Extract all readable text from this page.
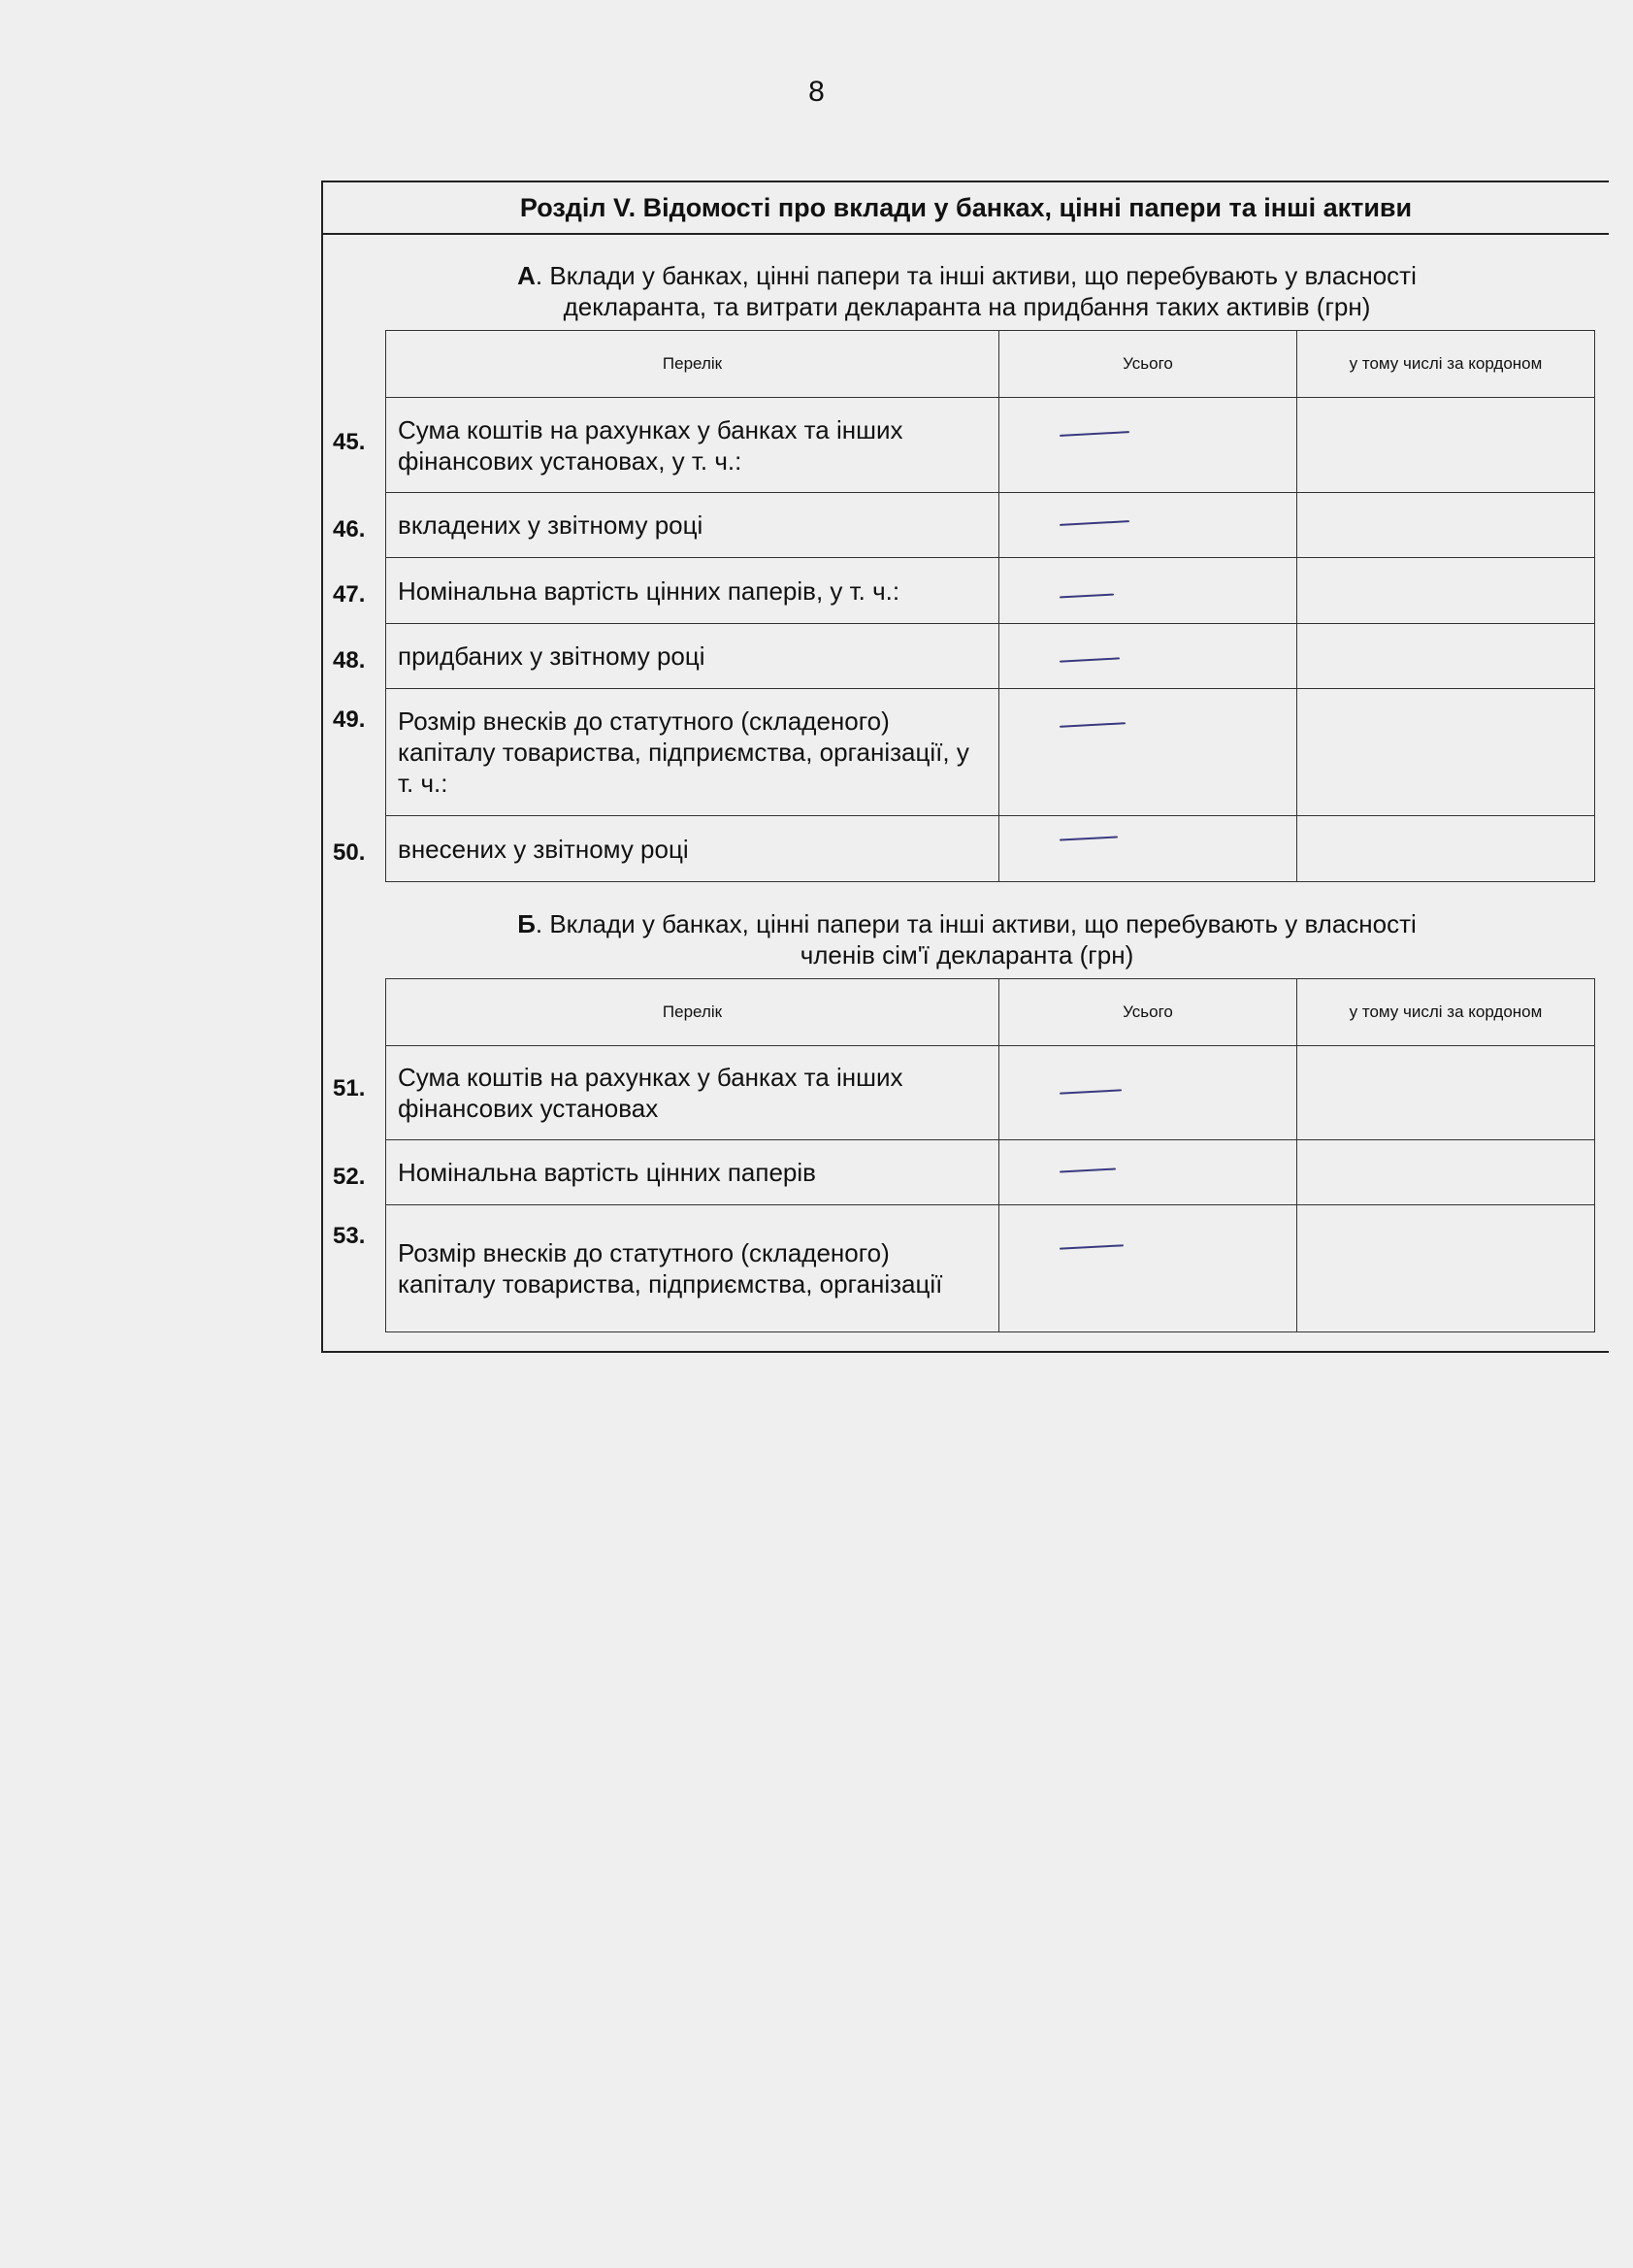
8
Розділ V. Відомості про вклади у банках, цінні папери та інші активи
А. Вклади у банках, цінні папери та інші активи, що перебувають у власності
декларанта, та витрати декларанта на придбання таких активів (грн)
Перелік	Усього	у тому числі за кордоном

45. Сума коштів на рахунках у банках та інших фінансових установах, у т. ч.:	

46. вкладених у звітному році	

47. Номінальна вартість цінних паперів, у т. ч.:	

48. придбаних у звітному році	

49. Розмір внесків до статутного (складеного) капіталу товариства, підприємства, організації, у т. ч.:	

50. внесених у звітному році	

Б. Вклади у банках, цінні папери та інші активи, що перебувають у власності
членів сім'ї декларанта (грн)
Перелік	Усього	у тому числі за кордоном

51. Сума коштів на рахунках у банках та інших фінансових установах	

52. Номінальна вартість цінних паперів	

53.
Розмір внесків до статутного (складеного) капіталу товариства, підприємства, організації	
